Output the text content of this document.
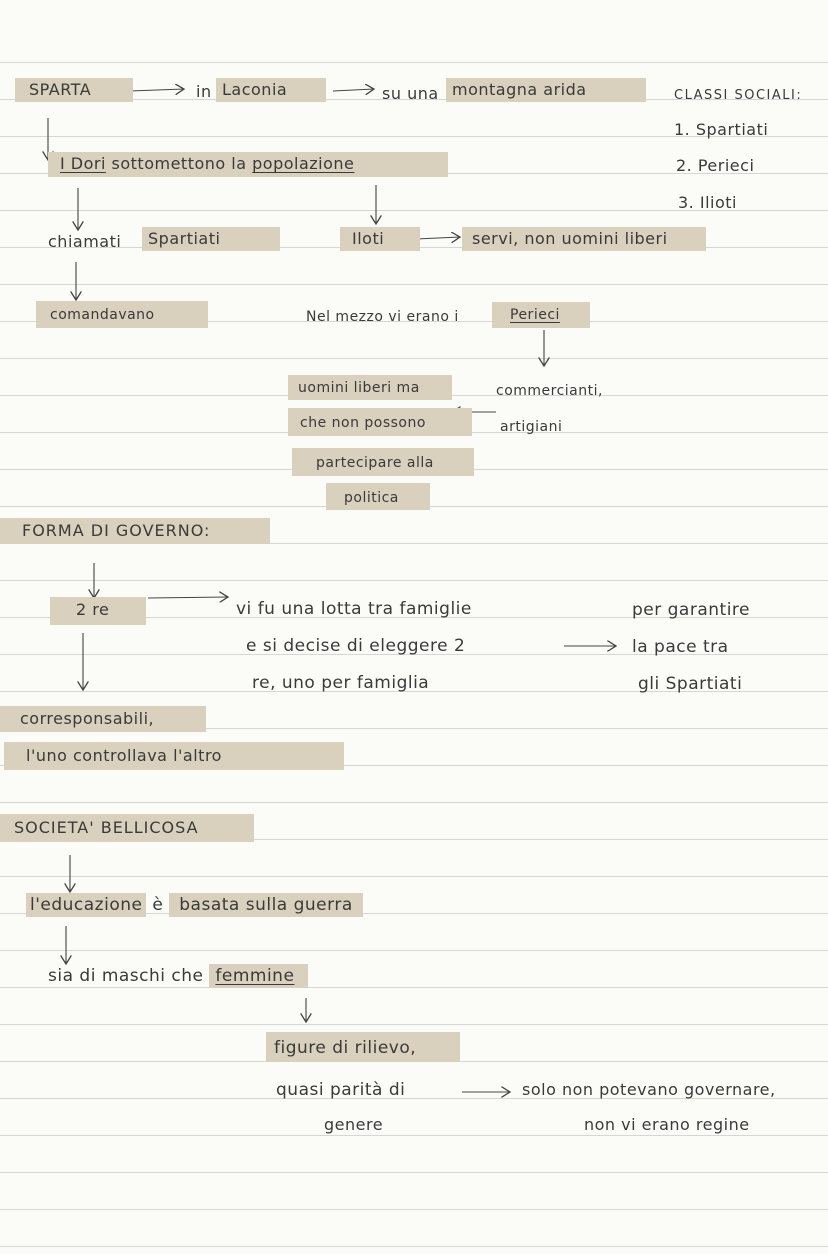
SPARTA	in Laconia	su una montagna arida	CLASSI SOCIALI:
1. Spartiati
2. Perieci
3. Ilioti
I Dori sottomettono la popolazione
chiamati	Spartiati	Iloti	servi, non uomini liberi
comandavano	Nel mezzo vi erano i	Perieci
uomini liberi ma	commercianti,
che non possono	artigiani
partecipare alla
politica
FORMA DI GOVERNO:
2 re	vi fu una lotta tra famiglie
e si decise di eleggere 2
re, uno per famiglia
per garantire
la pace tra
gli Spartiati
corresponsabili,
l'uno controllava l'altro
SOCIETA' BELLICOSA
l'educazione è basata sulla guerra
sia di maschi che femmine
figure di rilievo,
quasi parità di
genere
solo non potevano governare,
non vi erano regine
